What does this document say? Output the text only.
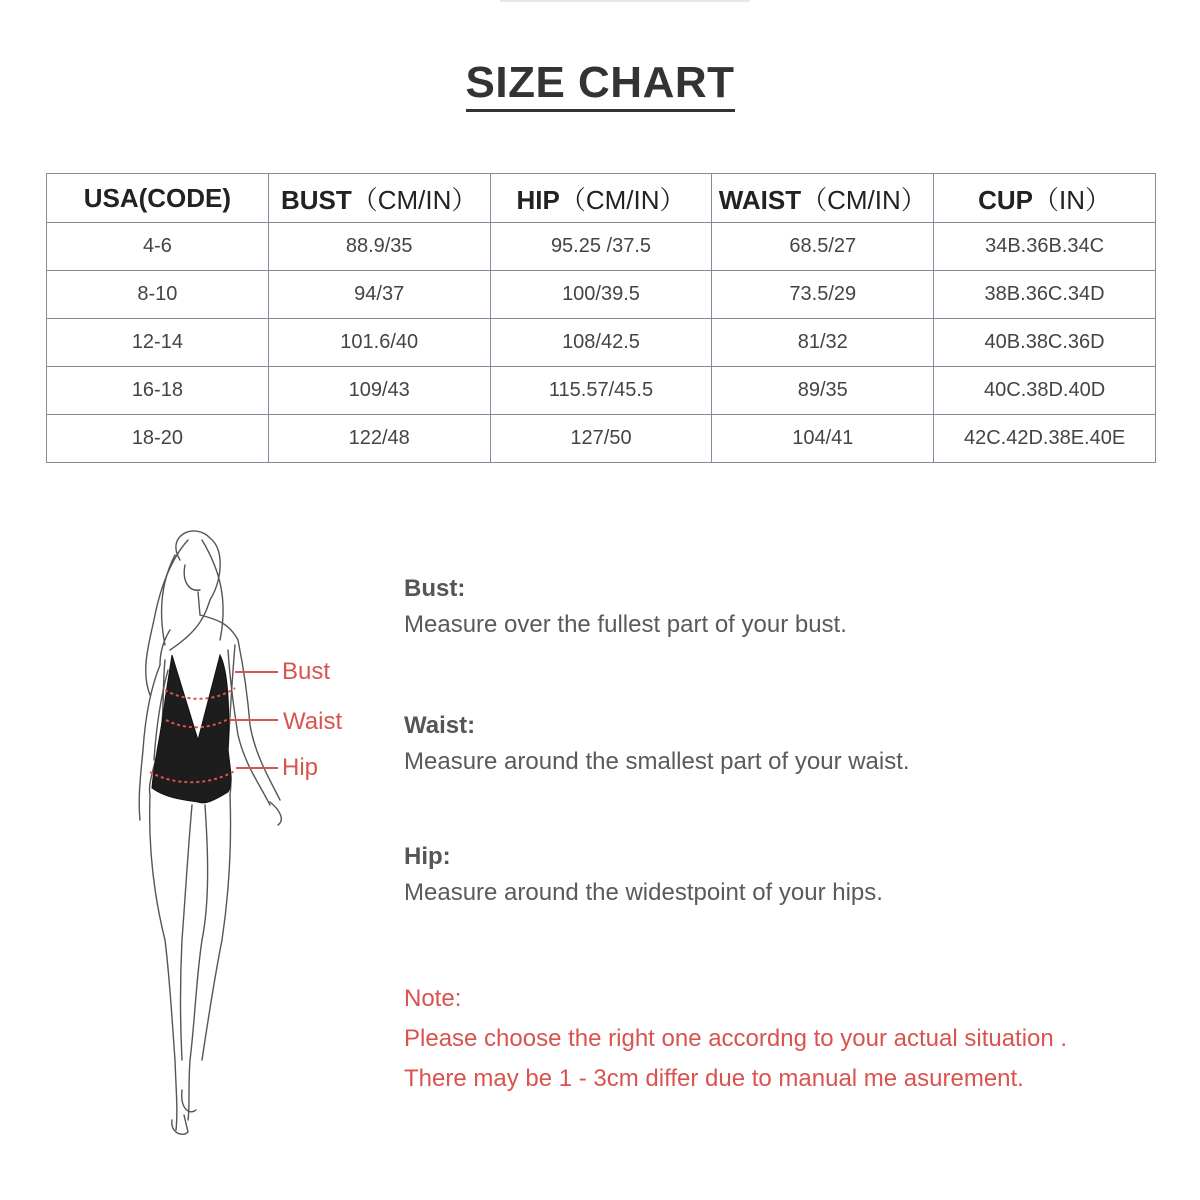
SIZE CHART
USA(CODE)	BUST（CM/IN）	HIP（CM/IN）	WAIST（CM/IN）	CUP（IN）
4-6	88.9/35	95.25 /37.5	68.5/27	34B.36B.34C
8-10	94/37	100/39.5	73.5/29	38B.36C.34D
12-14	101.6/40	108/42.5	81/32	40B.38C.36D
16-18	109/43	115.57/45.5	89/35	40C.38D.40D
18-20	122/48	127/50	104/41	42C.42D.38E.40E
Bust
Waist
Hip
Bust:
Measure over the fullest part of your bust.
Waist:
Measure around the smallest part of your waist.
Hip:
Measure around the widestpoint of your hips.
Note:
Please choose the right one accordng to your actual situation .
There may be 1 - 3cm differ due to manual me asurement.
